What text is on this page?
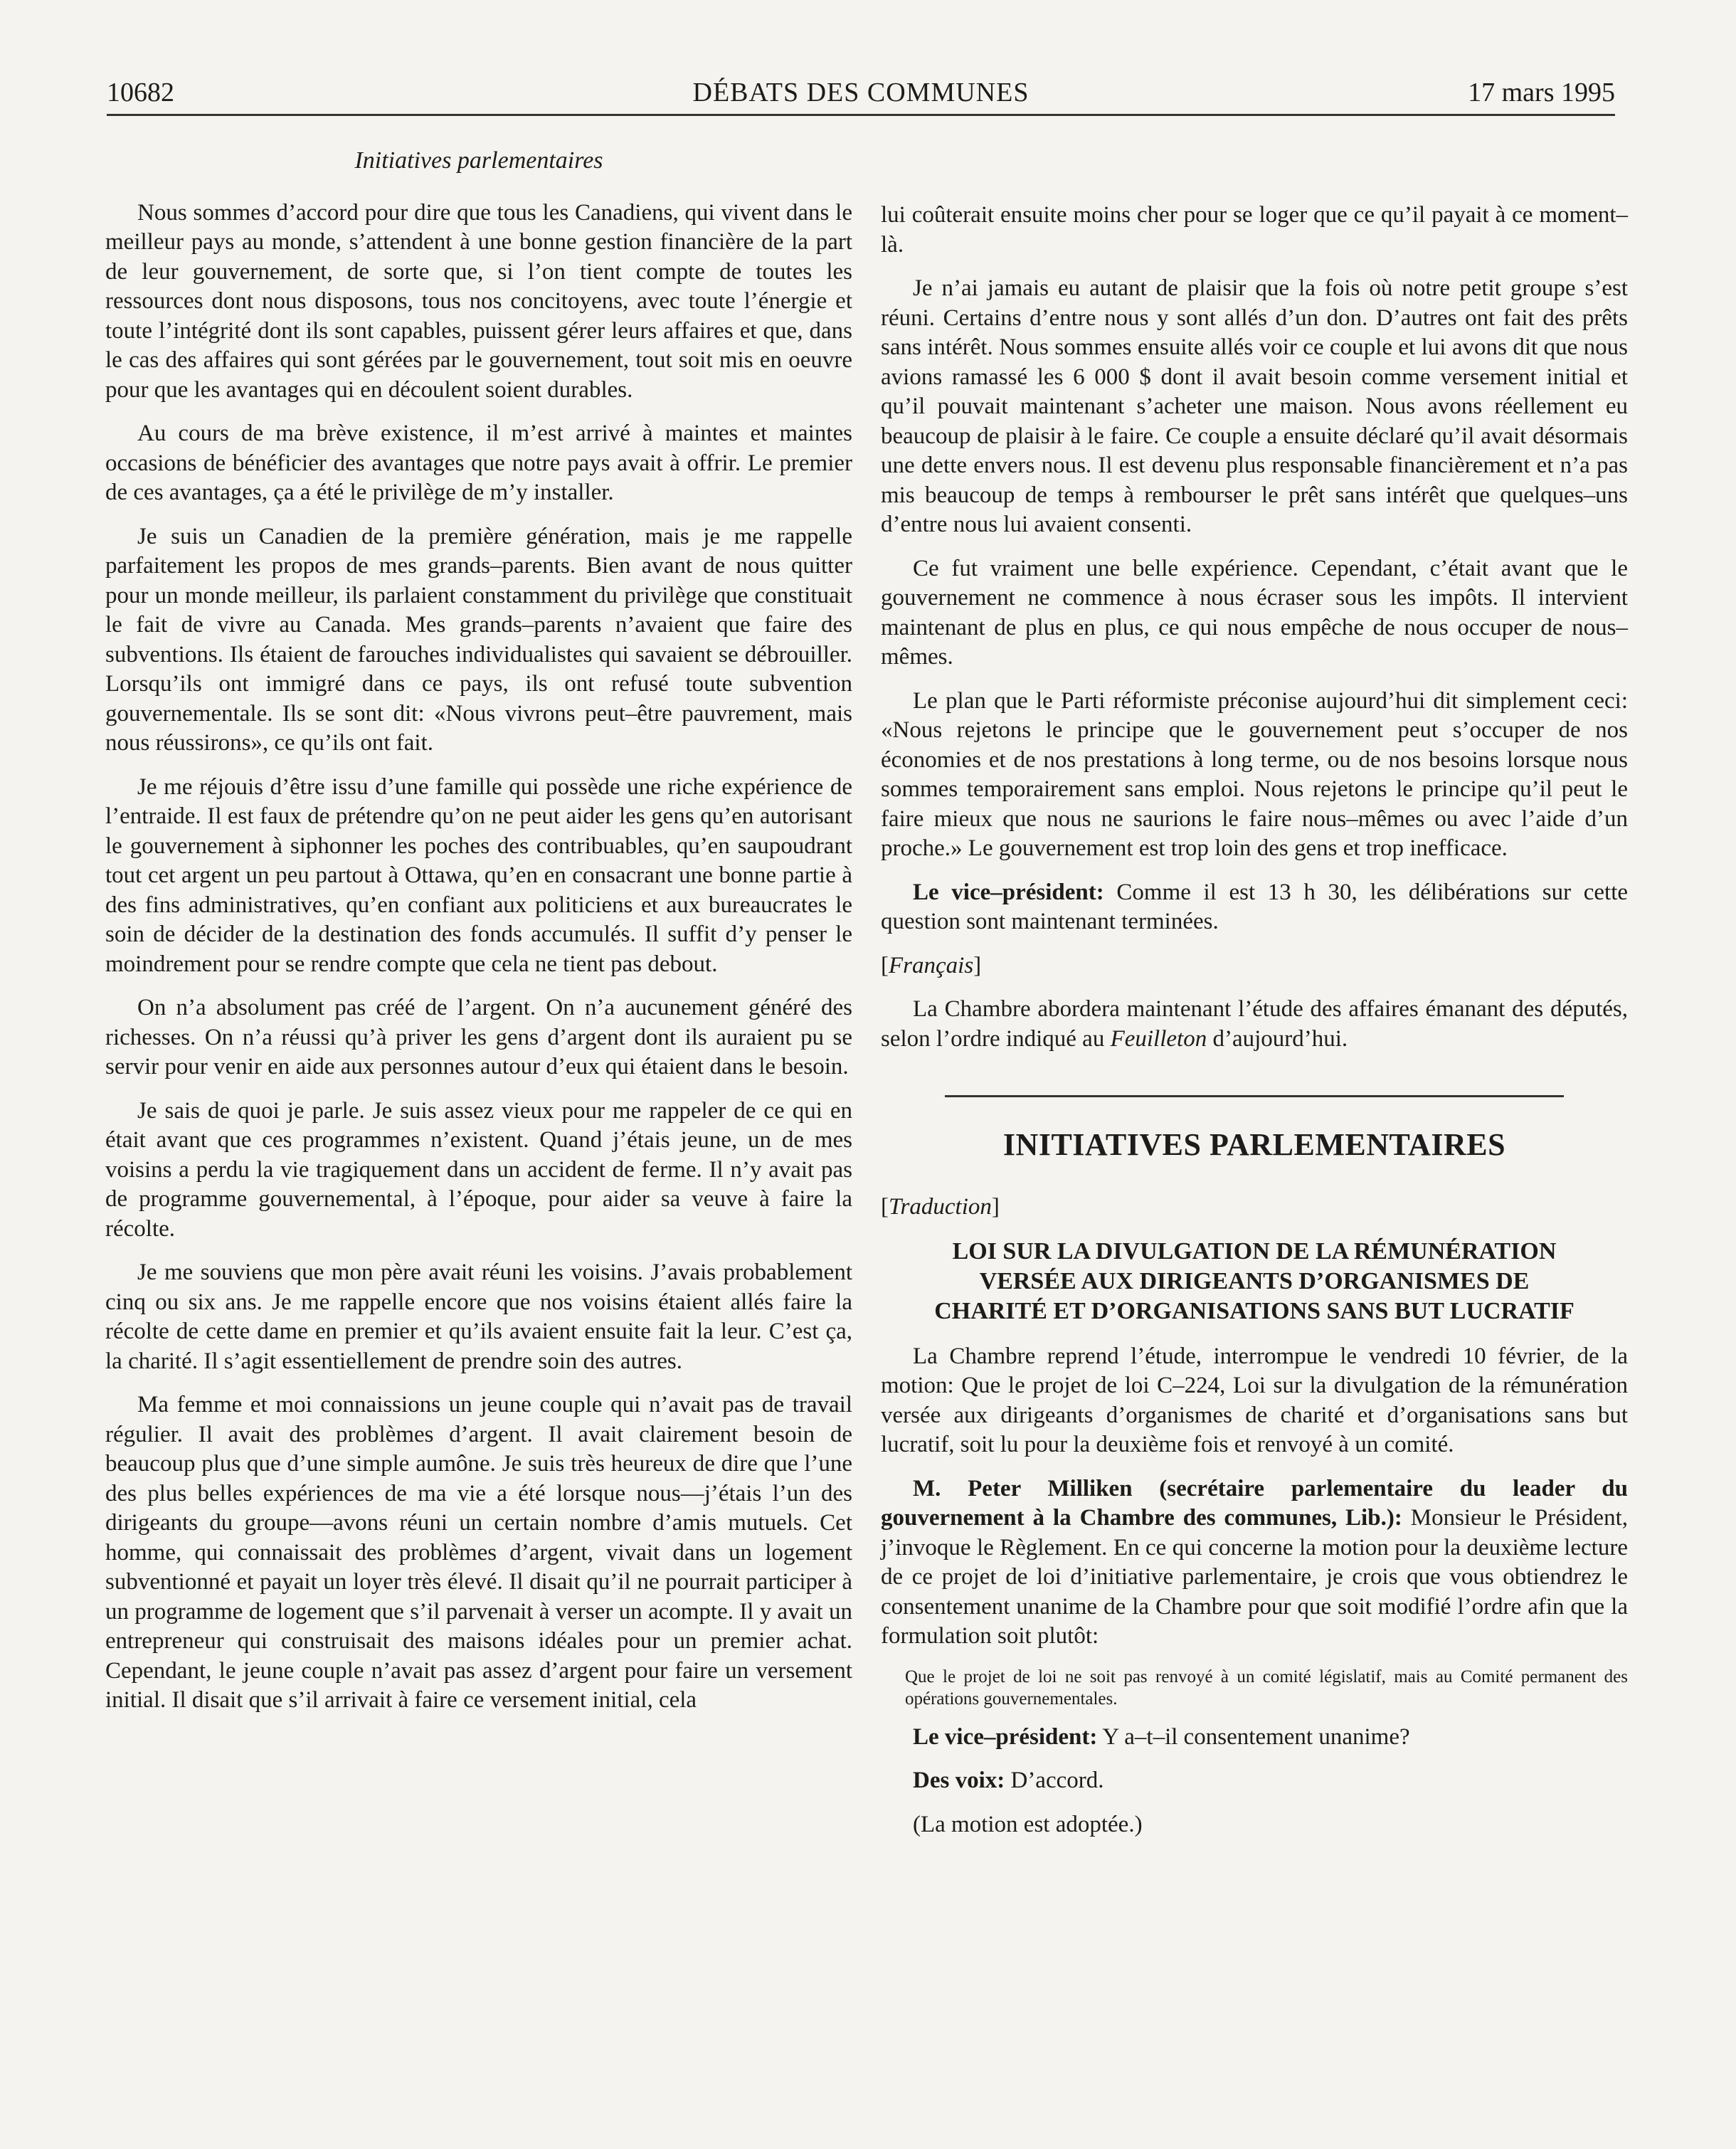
DÉBATS DES COMMUNES
10682	17 mars 1995
Initiatives parlementaires

Nous sommes d’accord pour dire que tous les Canadiens, qui vivent dans le meilleur pays au monde, s’attendent à une bonne gestion financière de la part de leur gouvernement, de sorte que, si l’on tient compte de toutes les ressources dont nous disposons, tous nos concitoyens, avec toute l’énergie et toute l’intégrité dont ils sont capables, puissent gérer leurs affaires et que, dans le cas des affaires qui sont gérées par le gouvernement, tout soit mis en oeuvre pour que les avantages qui en découlent soient durables.

Au cours de ma brève existence, il m’est arrivé à maintes et maintes occasions de bénéficier des avantages que notre pays avait à offrir. Le premier de ces avantages, ça a été le privilège de m’y installer.

Je suis un Canadien de la première génération, mais je me rappelle parfaitement les propos de mes grands–parents. Bien avant de nous quitter pour un monde meilleur, ils parlaient constamment du privilège que constituait le fait de vivre au Canada. Mes grands–parents n’avaient que faire des subventions. Ils étaient de farouches individualistes qui savaient se débrouiller. Lorsqu’ils ont immigré dans ce pays, ils ont refusé toute subvention gouvernementale. Ils se sont dit: «Nous vivrons peut–être pauvrement, mais nous réussirons», ce qu’ils ont fait.

Je me réjouis d’être issu d’une famille qui possède une riche expérience de l’entraide. Il est faux de prétendre qu’on ne peut aider les gens qu’en autorisant le gouvernement à siphonner les poches des contribuables, qu’en saupoudrant tout cet argent un peu partout à Ottawa, qu’en en consacrant une bonne partie à des fins administratives, qu’en confiant aux politiciens et aux bureaucrates le soin de décider de la destination des fonds accumulés. Il suffit d’y penser le moindrement pour se rendre compte que cela ne tient pas debout.

On n’a absolument pas créé de l’argent. On n’a aucunement généré des richesses. On n’a réussi qu’à priver les gens d’argent dont ils auraient pu se servir pour venir en aide aux personnes autour d’eux qui étaient dans le besoin.

Je sais de quoi je parle. Je suis assez vieux pour me rappeler de ce qui en était avant que ces programmes n’existent. Quand j’étais jeune, un de mes voisins a perdu la vie tragiquement dans un accident de ferme. Il n’y avait pas de programme gouvernemental, à l’époque, pour aider sa veuve à faire la récolte.

Je me souviens que mon père avait réuni les voisins. J’avais probablement cinq ou six ans. Je me rappelle encore que nos voisins étaient allés faire la récolte de cette dame en premier et qu’ils avaient ensuite fait la leur. C’est ça, la charité. Il s’agit essentiellement de prendre soin des autres.

Ma femme et moi connaissions un jeune couple qui n’avait pas de travail régulier. Il avait des problèmes d’argent. Il avait clairement besoin de beaucoup plus que d’une simple aumône. Je suis très heureux de dire que l’une des plus belles expériences de ma vie a été lorsque nous—j’étais l’un des dirigeants du groupe—avons réuni un certain nombre d’amis mutuels. Cet homme, qui connaissait des problèmes d’argent, vivait dans un logement subventionné et payait un loyer très élevé. Il disait qu’il ne pourrait participer à un programme de logement que s’il parvenait à verser un acompte. Il y avait un entrepreneur qui construisait des maisons idéales pour un premier achat. Cependant, le jeune couple n’avait pas assez d’argent pour faire un versement initial. Il disait que s’il arrivait à faire ce versement initial, cela

lui coûterait ensuite moins cher pour se loger que ce qu’il payait à ce moment–là.

Je n’ai jamais eu autant de plaisir que la fois où notre petit groupe s’est réuni. Certains d’entre nous y sont allés d’un don. D’autres ont fait des prêts sans intérêt. Nous sommes ensuite allés voir ce couple et lui avons dit que nous avions ramassé les 6 000 $ dont il avait besoin comme versement initial et qu’il pouvait maintenant s’acheter une maison. Nous avons réellement eu beaucoup de plaisir à le faire. Ce couple a ensuite déclaré qu’il avait désormais une dette envers nous. Il est devenu plus responsable financièrement et n’a pas mis beaucoup de temps à rembourser le prêt sans intérêt que quelques–uns d’entre nous lui avaient consenti.

Ce fut vraiment une belle expérience. Cependant, c’était avant que le gouvernement ne commence à nous écraser sous les impôts. Il intervient maintenant de plus en plus, ce qui nous empêche de nous occuper de nous–mêmes.

Le plan que le Parti réformiste préconise aujourd’hui dit simplement ceci: «Nous rejetons le principe que le gouvernement peut s’occuper de nos économies et de nos prestations à long terme, ou de nos besoins lorsque nous sommes temporairement sans emploi. Nous rejetons le principe qu’il peut le faire mieux que nous ne saurions le faire nous–mêmes ou avec l’aide d’un proche.» Le gouvernement est trop loin des gens et trop inefficace.

Le vice–président: Comme il est 13 h 30, les délibérations sur cette question sont maintenant terminées.

[Français]

La Chambre abordera maintenant l’étude des affaires émanant des députés, selon l’ordre indiqué au Feuilleton d’aujourd’hui.

INITIATIVES PARLEMENTAIRES

[Traduction]

LOI SUR LA DIVULGATION DE LA RÉMUNÉRATION
VERSÉE AUX DIRIGEANTS D’ORGANISMES DE
CHARITÉ ET D’ORGANISATIONS SANS BUT LUCRATIF

La Chambre reprend l’étude, interrompue le vendredi 10 février, de la motion: Que le projet de loi C–224, Loi sur la divulgation de la rémunération versée aux dirigeants d’organismes de charité et d’organisations sans but lucratif, soit lu pour la deuxième fois et renvoyé à un comité.

M. Peter Milliken (secrétaire parlementaire du leader du gouvernement à la Chambre des communes, Lib.): Monsieur le Président, j’invoque le Règlement. En ce qui concerne la motion pour la deuxième lecture de ce projet de loi d’initiative parlementaire, je crois que vous obtiendrez le consentement unanime de la Chambre pour que soit modifié l’ordre afin que la formulation soit plutôt:

Que le projet de loi ne soit pas renvoyé à un comité législatif, mais au Comité permanent des opérations gouvernementales.

Le vice–président: Y a–t–il consentement unanime?

Des voix: D’accord.

(La motion est adoptée.)
